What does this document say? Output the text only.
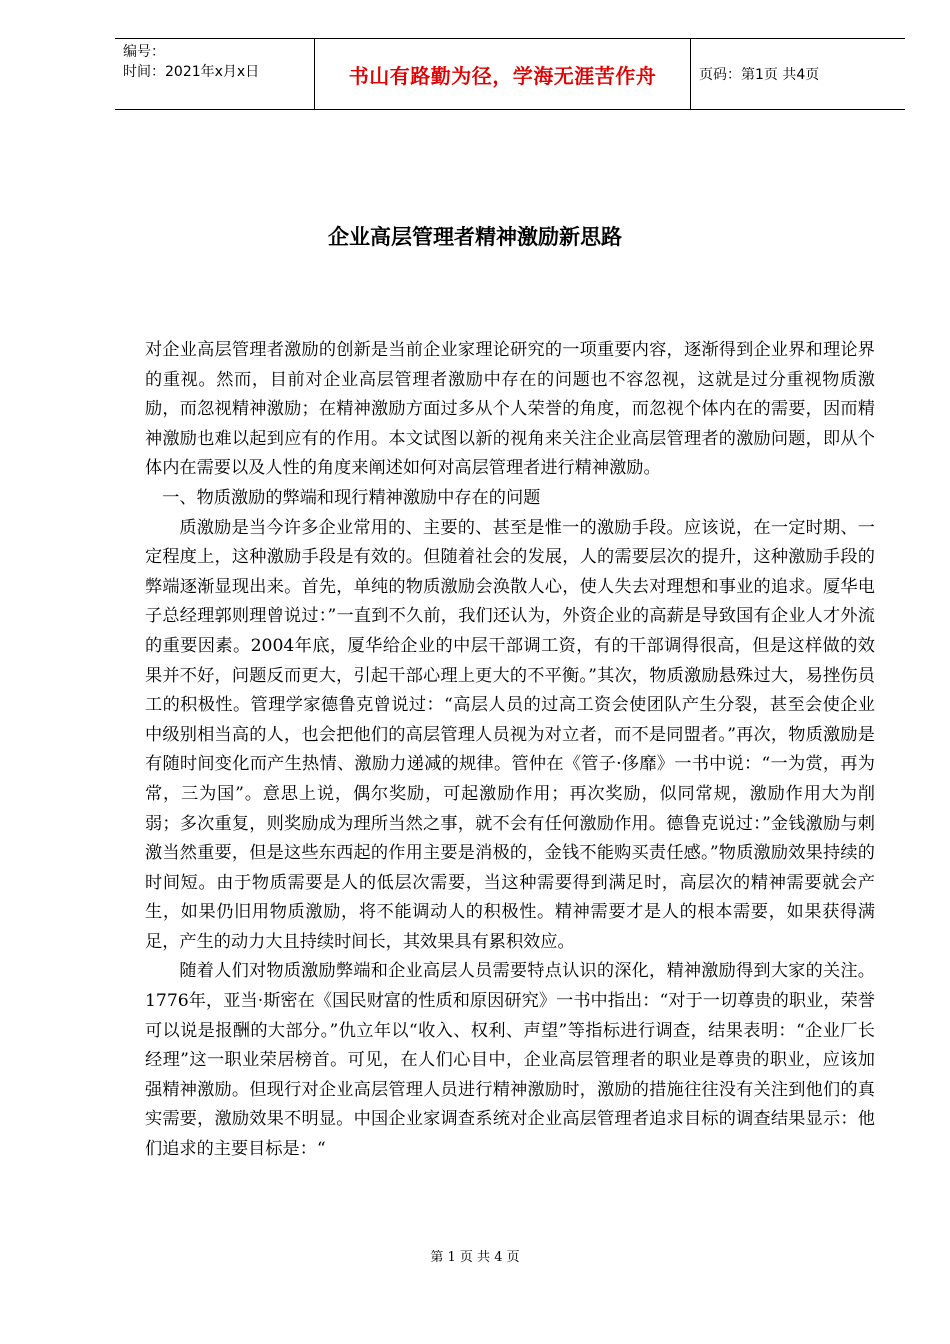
编号：
时间：2021年x月x日	书山有路勤为径，学海无涯苦作舟	页码：第1页 共4页
企业高层管理者精神激励新思路

对企业高层管理者激励的创新是当前企业家理论研究的一项重要内容，逐渐得到企业界和理论界的重视。然而，目前对企业高层管理者激励中存在的问题也不容忽视，这就是过分重视物质激励，而忽视精神激励；在精神激励方面过多从个人荣誉的角度，而忽视个体内在的需要，因而精神激励也难以起到应有的作用。本文试图以新的视角来关注企业高层管理者的激励问题，即从个体内在需要以及人性的角度来阐述如何对高层管理者进行精神激励。

一、物质激励的弊端和现行精神激励中存在的问题

质激励是当今许多企业常用的、主要的、甚至是惟一的激励手段。应该说，在一定时期、一定程度上，这种激励手段是有效的。但随着社会的发展，人的需要层次的提升，这种激励手段的弊端逐渐显现出来。首先，单纯的物质激励会涣散人心，使人失去对理想和事业的追求。厦华电子总经理郭则理曾说过：”一直到不久前，我们还认为，外资企业的高薪是导致国有企业人才外流的重要因素。2004年底，厦华给企业的中层干部调工资，有的干部调得很高，但是这样做的效果并不好，问题反而更大，引起干部心理上更大的不平衡。”其次，物质激励悬殊过大，易挫伤员工的积极性。管理学家德鲁克曾说过：“高层人员的过高工资会使团队产生分裂，甚至会使企业中级别相当高的人，也会把他们的高层管理人员视为对立者，而不是同盟者。”再次，物质激励是有随时间变化而产生热情、激励力递减的规律。管仲在《管子·侈靡》一书中说：“一为赏，再为常，三为国”。意思上说，偶尔奖励，可起激励作用；再次奖励，似同常规，激励作用大为削弱；多次重复，则奖励成为理所当然之事，就不会有任何激励作用。德鲁克说过：”金钱激励与刺激当然重要，但是这些东西起的作用主要是消极的，金钱不能购买责任感。”物质激励效果持续的时间短。由于物质需要是人的低层次需要，当这种需要得到满足时，高层次的精神需要就会产生，如果仍旧用物质激励，将不能调动人的积极性。精神需要才是人的根本需要，如果获得满足，产生的动力大且持续时间长，其效果具有累积效应。

随着人们对物质激励弊端和企业高层人员需要特点认识的深化，精神激励得到大家的关注。1776年，亚当·斯密在《国民财富的性质和原因研究》一书中指出：“对于一切尊贵的职业，荣誉可以说是报酬的大部分。”仇立年以“收入、权利、声望”等指标进行调查，结果表明：“企业厂长经理”这一职业荣居榜首。可见，在人们心目中，企业高层管理者的职业是尊贵的职业，应该加强精神激励。但现行对企业高层管理人员进行精神激励时，激励的措施往往没有关注到他们的真实需要，激励效果不明显。中国企业家调查系统对企业高层管理者追求目标的调查结果显示：他们追求的主要目标是：“

第 1 页 共 4 页
